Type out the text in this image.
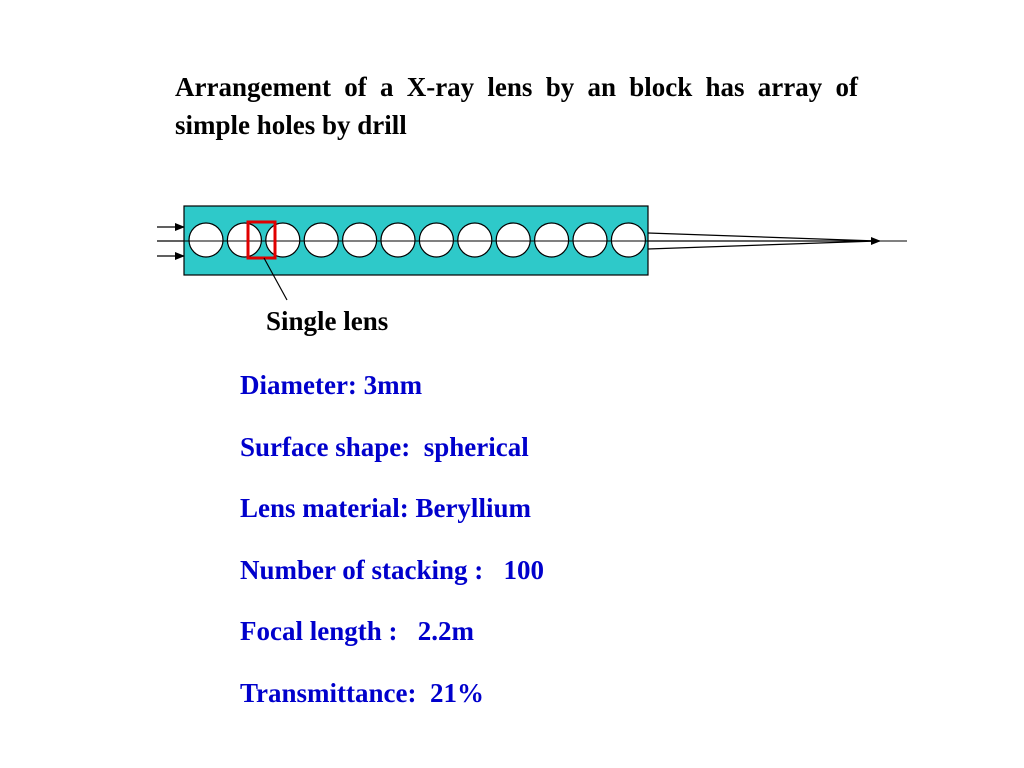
Arrangement of a X-ray lens by an block has array of simple holes by drill

Single lens
Diameter: 3mm
Surface shape:  spherical
Lens material: Beryllium
Number of stacking :   100
Focal length :   2.2m
Transmittance:  21%
